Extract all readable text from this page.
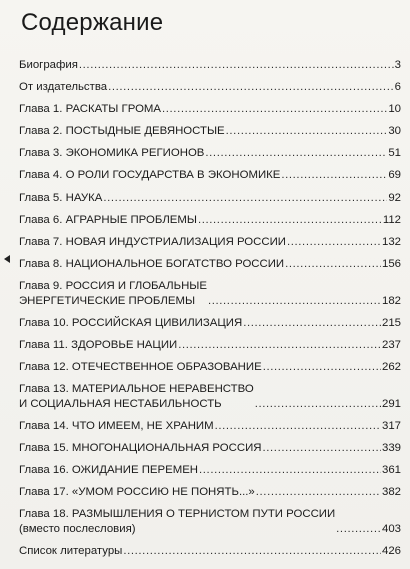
Содержание
Биография .....	3
От издательства .....	6
Глава 1. РАСКАТЫ ГРОМА .....	10
Глава 2. ПОСТЫДНЫЕ ДЕВЯНОСТЫЕ .....	30
Глава 3. ЭКОНОМИКА РЕГИОНОВ .....	51
Глава 4. О РОЛИ ГОСУДАРСТВА В ЭКОНОМИКЕ .....	69
Глава 5. НАУКА .....	92
Глава 6. АГРАРНЫЕ ПРОБЛЕМЫ .....	112
Глава 7. НОВАЯ ИНДУСТРИАЛИЗАЦИЯ РОССИИ .....	132
Глава 8. НАЦИОНАЛЬНОЕ БОГАТСТВО РОССИИ .....	156
Глава 9. РОССИЯ И ГЛОБАЛЬНЫЕ
ЭНЕРГЕТИЧЕСКИЕ ПРОБЛЕМЫ .....	182
Глава 10. РОССИЙСКАЯ ЦИВИЛИЗАЦИЯ .....	215
Глава 11. ЗДОРОВЬЕ НАЦИИ .....	237
Глава 12. ОТЕЧЕСТВЕННОЕ ОБРАЗОВАНИЕ .....	262
Глава 13. МАТЕРИАЛЬНОЕ НЕРАВЕНСТВО
И СОЦИАЛЬНАЯ НЕСТАБИЛЬНОСТЬ .....	291
Глава 14. ЧТО ИМЕЕМ, НЕ ХРАНИМ .....	317
Глава 15. МНОГОНАЦИОНАЛЬНАЯ РОССИЯ .....	339
Глава 16. ОЖИДАНИЕ ПЕРЕМЕН .....	361
Глава 17. «УМОМ РОССИЮ НЕ ПОНЯТЬ...» .....	382
Глава 18. РАЗМЫШЛЕНИЯ О ТЕРНИСТОМ ПУТИ РОССИИ
(вместо послесловия) .....	403
Список литературы .....	426
